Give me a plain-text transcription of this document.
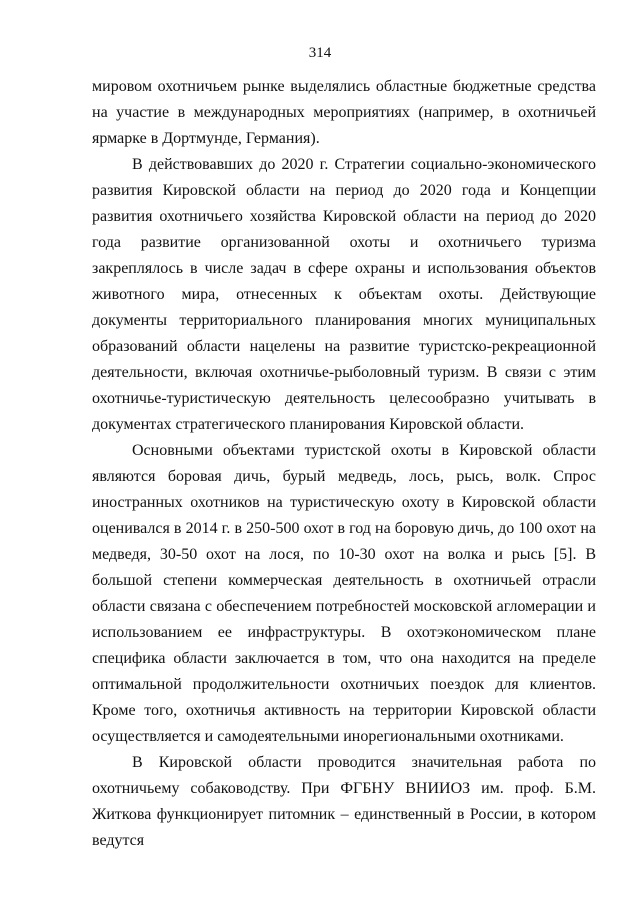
314

мировом охотничьем рынке выделялись областные бюджетные средства на участие в международных мероприятиях (например, в охотничьей ярмарке в Дортмунде, Германия).

В действовавших до 2020 г. Стратегии социально-экономического развития Кировской области на период до 2020 года и Концепции развития охотничьего хозяйства Кировской области на период до 2020 года развитие организованной охоты и охотничьего туризма закреплялось в числе задач в сфере охраны и использования объектов животного мира, отнесенных к объектам охоты. Действующие документы территориального планирования многих муниципальных образований области нацелены на развитие туристско-рекреационной деятельности, включая охотничье-рыболовный туризм. В связи с этим охотничье-туристическую деятельность целесообразно учитывать в документах стратегического планирования Кировской области.

Основными объектами туристской охоты в Кировской области являются боровая дичь, бурый медведь, лось, рысь, волк. Спрос иностранных охотников на туристическую охоту в Кировской области оценивался в 2014 г. в 250-500 охот в год на боровую дичь, до 100 охот на медведя, 30-50 охот на лося, по 10-30 охот на волка и рысь [5]. В большой степени коммерческая деятельность в охотничьей отрасли области связана с обеспечением потребностей московской агломерации и использованием ее инфраструктуры. В охотэкономическом плане специфика области заключается в том, что она находится на пределе оптимальной продолжительности охотничьих поездок для клиентов. Кроме того, охотничья активность на территории Кировской области осуществляется и самодеятельными инорегиональными охотниками.

В Кировской области проводится значительная работа по охотничьему собаководству. При ФГБНУ ВНИИОЗ им. проф. Б.М. Житкова функционирует питомник – единственный в России, в котором ведутся
